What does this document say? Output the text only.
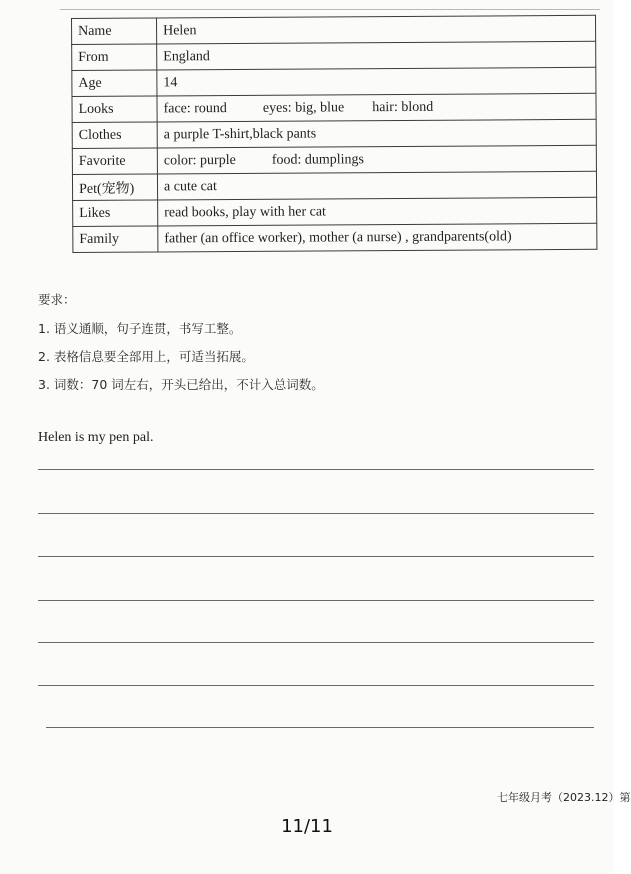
Name	Helen
From	England
Age	14
Looks	face: round eyes: big, blue hair: blond
Clothes	a purple T-shirt,black pants
Favorite	color: purple food: dumplings
Pet(宠物)	a cute cat
Likes	read books, play with her cat
Family	father (an office worker), mother (a nurse) , grandparents(old)
要求：
1. 语义通顺，句子连贯，书写工整。
2. 表格信息要全部用上，可适当拓展。
3. 词数：70 词左右，开头已给出，不计入总词数。
Helen is my pen pal.
七年级月考（2023.12）第
11/11
